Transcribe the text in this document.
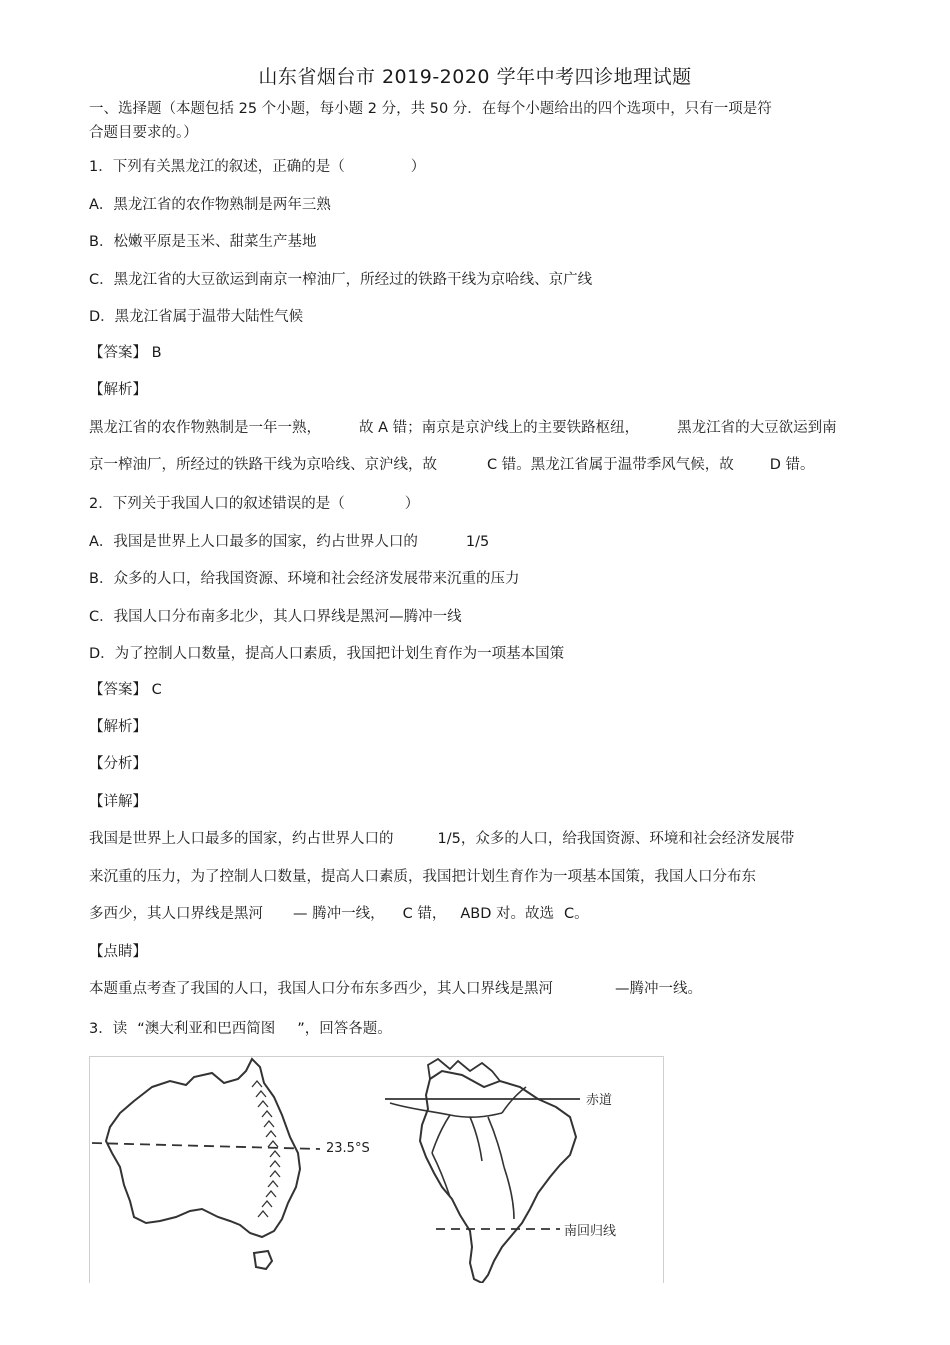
山东省烟台市 2019-2020 学年中考四诊地理试题
一、选择题（本题包括 25 个小题，每小题 2 分，共 50 分．在每个小题给出的四个选项中，只有一项是符
合题目要求的。）
1．下列有关黑龙江的叙述，正确的是（	）
A．黑龙江省的农作物熟制是两年三熟
B．松嫩平原是玉米、甜菜生产基地
C．黑龙江省的大豆欲运到南京一榨油厂，所经过的铁路干线为京哈线、京广线
D．黑龙江省属于温带大陆性气候
【答案】 B
【解析】
黑龙江省的农作物熟制是一年一熟，	故 A 错；南京是京沪线上的主要铁路枢纽，	黑龙江省的大豆欲运到南
京一榨油厂，所经过的铁路干线为京哈线、京沪线，故	C 错。黑龙江省属于温带季风气候，故 D 错。
2．下列关于我国人口的叙述错误的是（	）
A．我国是世界上人口最多的国家，约占世界人口的	1/5
B．众多的人口，给我国资源、环境和社会经济发展带来沉重的压力
C．我国人口分布南多北少，其人口界线是黑河—腾冲一线
D．为了控制人口数量，提高人口素质，我国把计划生育作为一项基本国策
【答案】 C
【解析】
【分析】
【详解】
我国是世界上人口最多的国家，约占世界人口的	1/5，众多的人口，给我国资源、环境和社会经济发展带
来沉重的压力，为了控制人口数量，提高人口素质，我国把计划生育作为一项基本国策，我国人口分布东
多西少，其人口界线是黑河 — 腾冲一线， C 错， ABD 对。故选 C。
【点睛】
本题重点考查了我国的人口，我国人口分布东多西少，其人口界线是黑河	—腾冲一线。
3．读 “澳大利亚和巴西简图 ”，回答各题。
23.5°S
赤道
南回归线
